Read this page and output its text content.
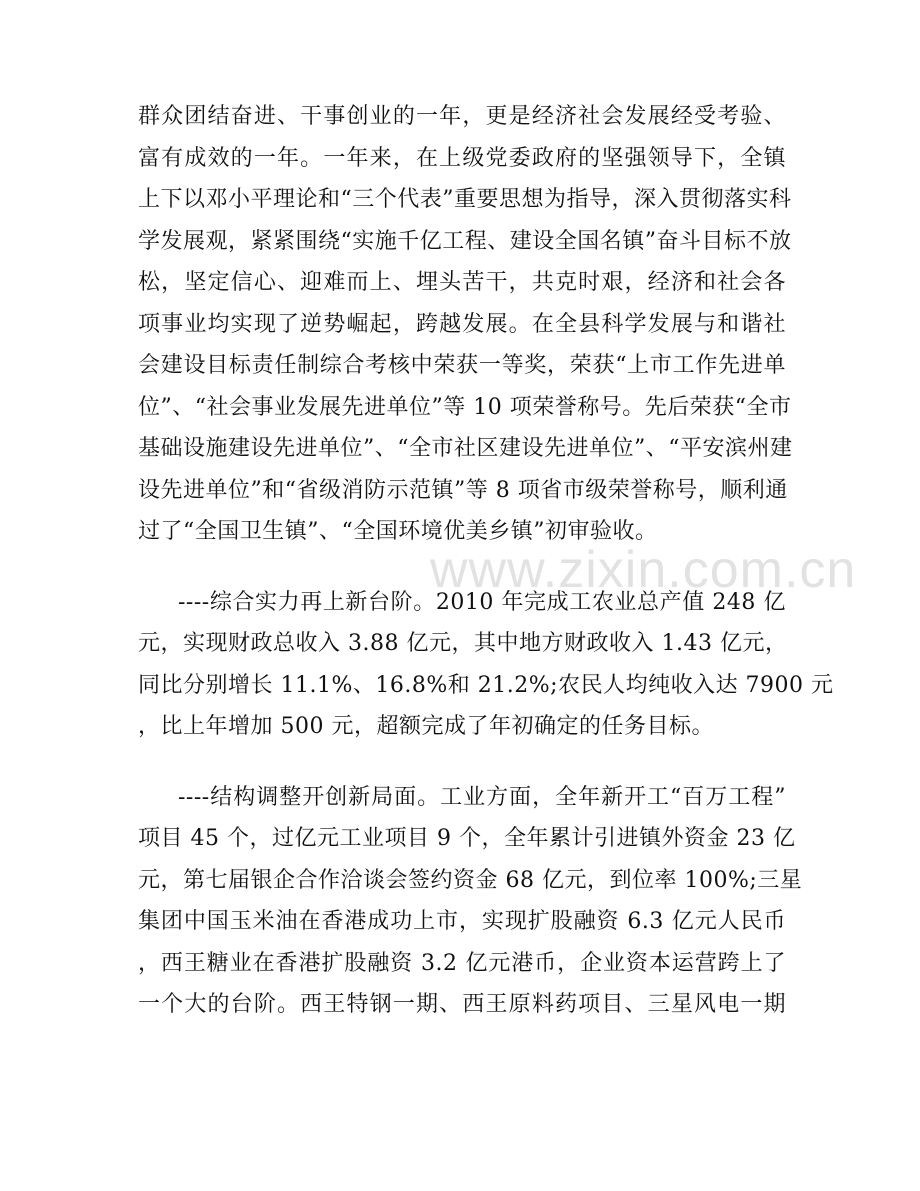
www.zixin.com.cn
群众团结奋进、干事创业的一年，更是经济社会发展经受考验、
富有成效的一年。一年来，在上级党委政府的坚强领导下，全镇
上下以邓小平理论和“三个代表”重要思想为指导，深入贯彻落实科
学发展观，紧紧围绕“实施千亿工程、建设全国名镇”奋斗目标不放
松，坚定信心、迎难而上、埋头苦干，共克时艰，经济和社会各
项事业均实现了逆势崛起，跨越发展。在全县科学发展与和谐社
会建设目标责任制综合考核中荣获一等奖，荣获“上市工作先进单
位”、“社会事业发展先进单位”等 10 项荣誉称号。先后荣获“全市
基础设施建设先进单位”、“全市社区建设先进单位”、“平安滨州建
设先进单位”和“省级消防示范镇”等 8 项省市级荣誉称号，顺利通
过了“全国卫生镇”、“全国环境优美乡镇”初审验收。
----综合实力再上新台阶。2010 年完成工农业总产值 248 亿
元，实现财政总收入 3.88 亿元，其中地方财政收入 1.43 亿元，
同比分别增长 11.1%、16.8%和 21.2%;农民人均纯收入达 7900 元
，比上年增加 500 元，超额完成了年初确定的任务目标。
----结构调整开创新局面。工业方面，全年新开工“百万工程”
项目 45 个，过亿元工业项目 9 个，全年累计引进镇外资金 23 亿
元，第七届银企合作洽谈会签约资金 68 亿元，到位率 100%;三星
集团中国玉米油在香港成功上市，实现扩股融资 6.3 亿元人民币
，西王糖业在香港扩股融资 3.2 亿元港币，企业资本运营跨上了
一个大的台阶。西王特钢一期、西王原料药项目、三星风电一期
